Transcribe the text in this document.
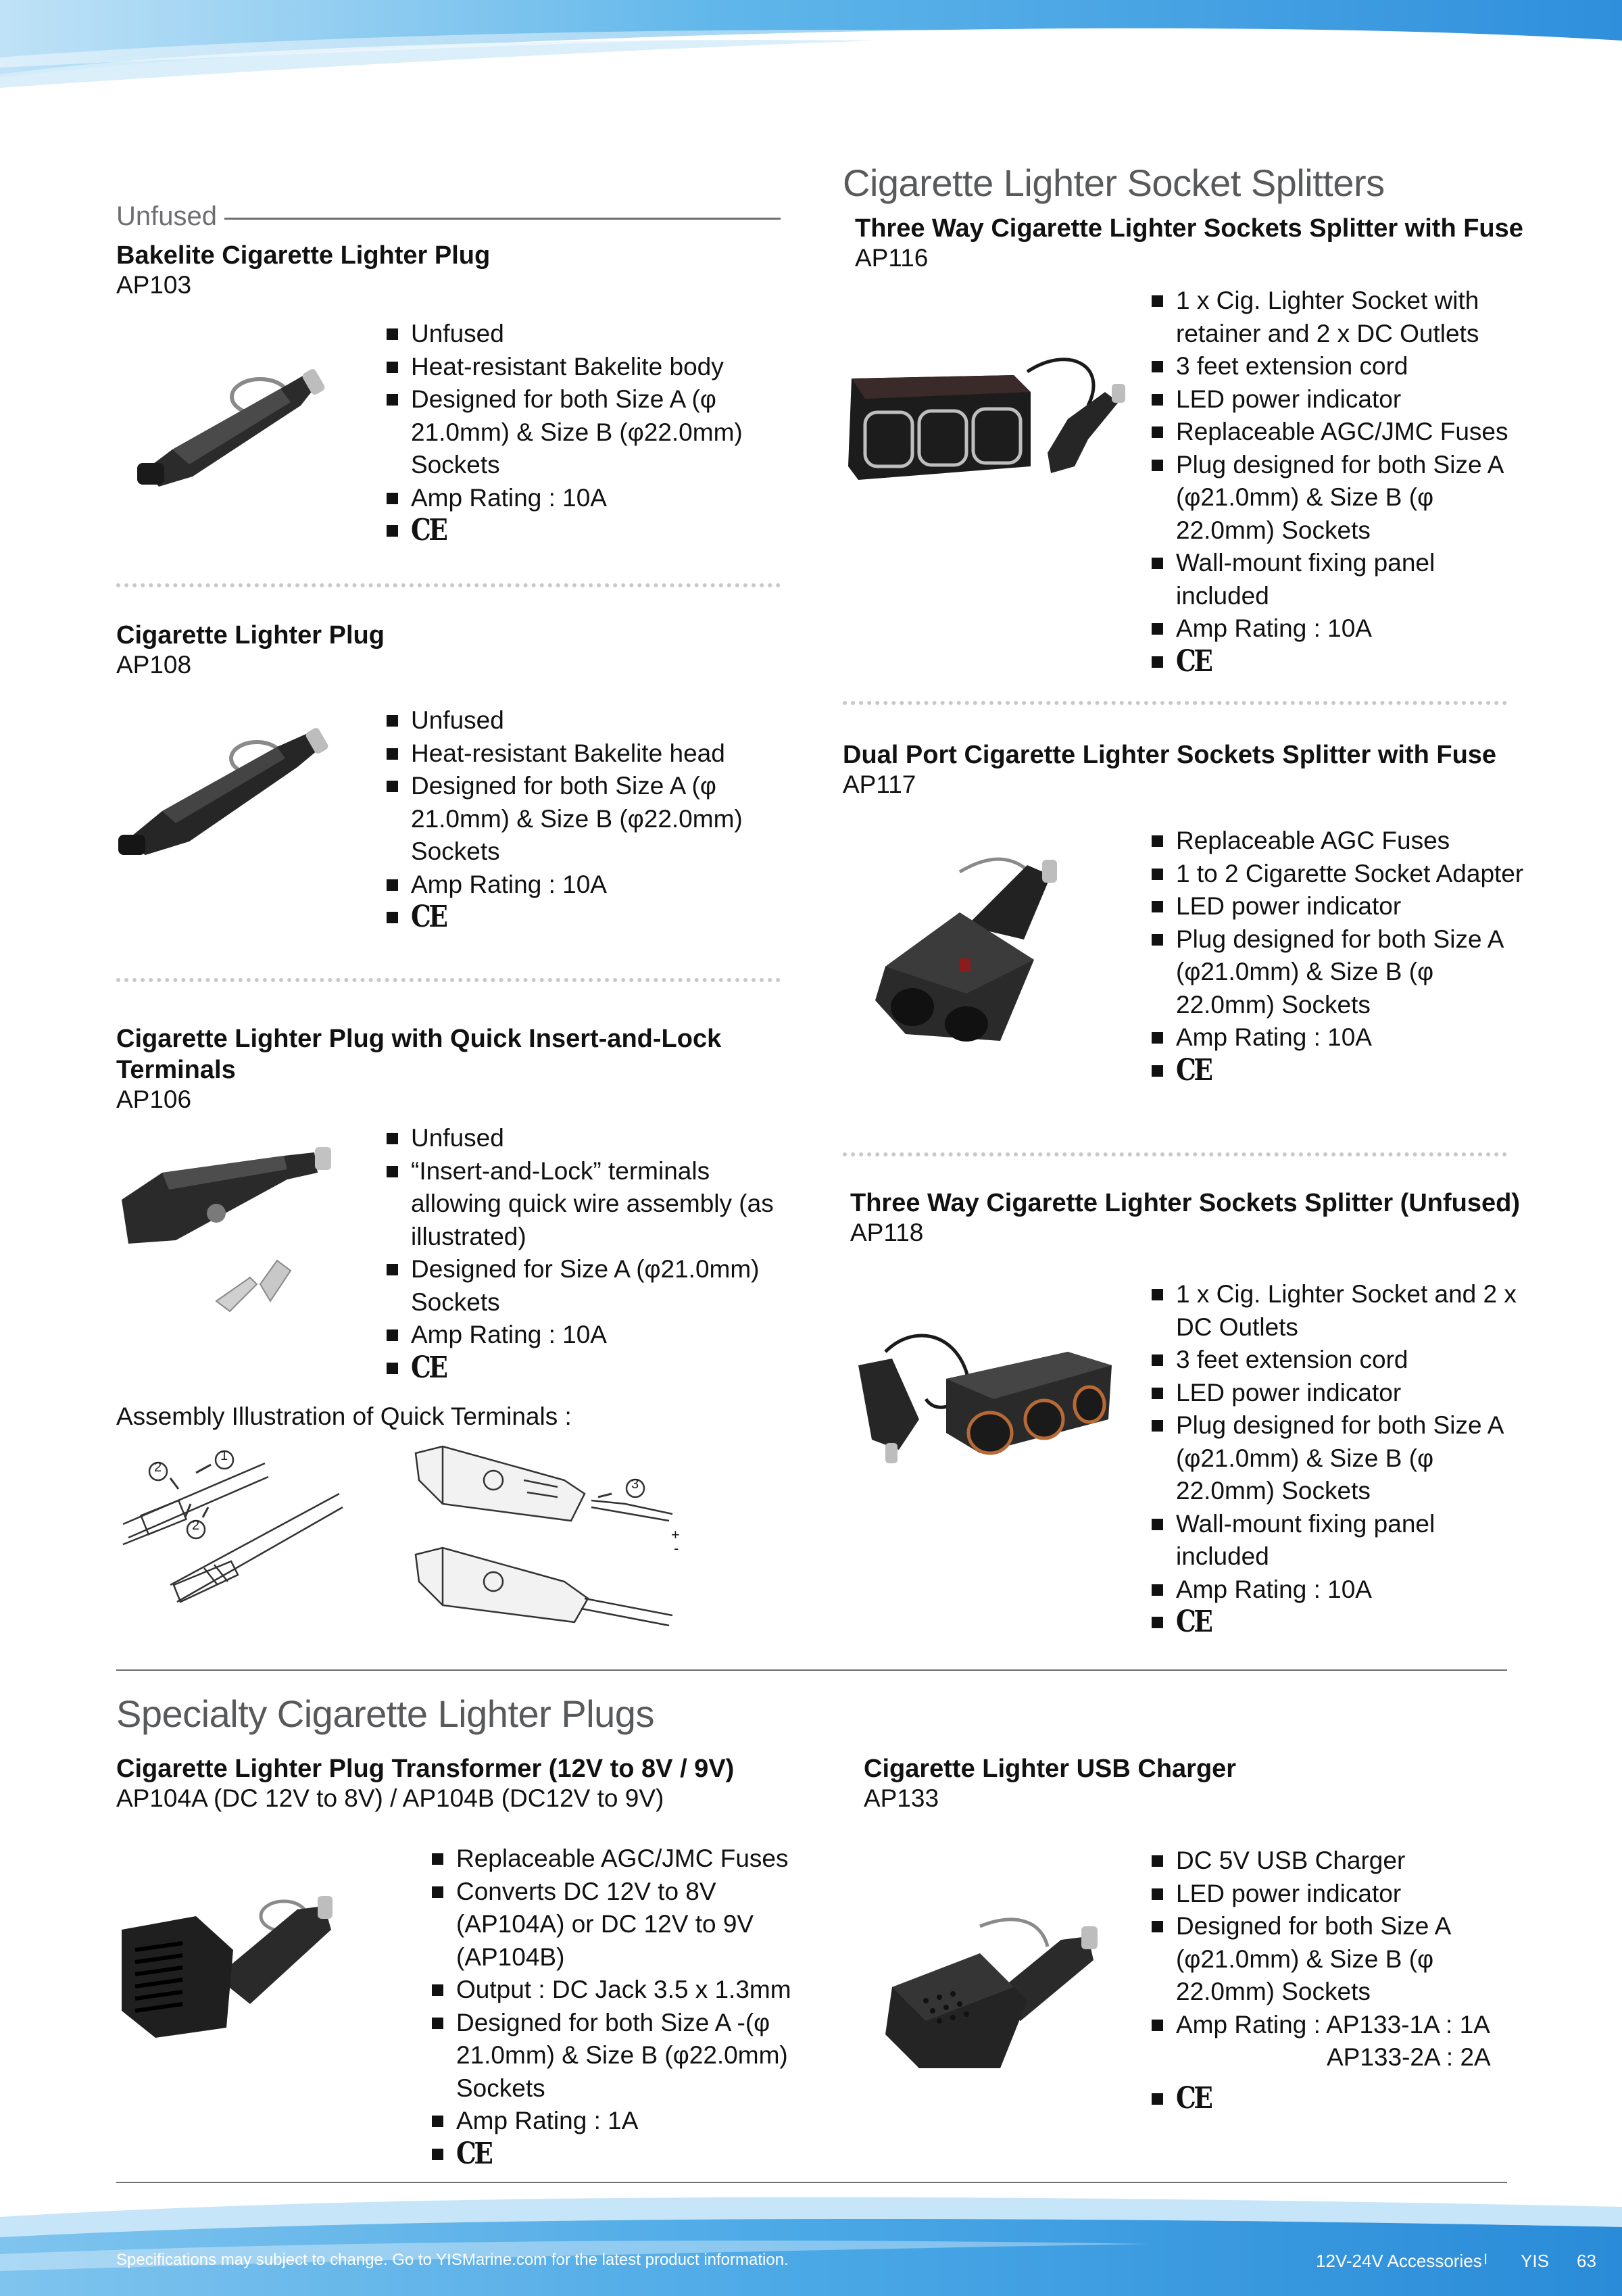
Unfused
Bakelite Cigarette Lighter Plug
AP103
Unfused
Heat-resistant Bakelite body
Designed for both Size A (φ 21.0mm) & Size B (φ22.0mm) Sockets
Amp Rating : 10A
CE
Cigarette Lighter Plug
AP108
Unfused
Heat-resistant Bakelite head
Designed for both Size A (φ 21.0mm) & Size B (φ22.0mm) Sockets
Amp Rating : 10A
CE
Cigarette Lighter Plug with Quick Insert-and-Lock Terminals
AP106
Unfused
“Insert-and-Lock” terminals allowing quick wire assembly (as illustrated)
Designed for Size A (φ21.0mm) Sockets
Amp Rating : 10A
CE
Assembly Illustration of Quick Terminals :
1
2
2
3
+
-
Cigarette Lighter Socket Splitters
Three Way Cigarette Lighter Sockets Splitter with Fuse
AP116
1 x Cig. Lighter Socket with retainer and 2 x DC Outlets
3 feet extension cord
LED power indicator
Replaceable AGC/JMC Fuses
Plug designed for both Size A (φ21.0mm) & Size B (φ 22.0mm) Sockets
Wall-mount fixing panel included
Amp Rating : 10A
CE
Dual Port Cigarette Lighter Sockets Splitter with Fuse
AP117
Replaceable AGC Fuses
1 to 2 Cigarette Socket Adapter
LED power indicator
Plug designed for both Size A (φ21.0mm) & Size B (φ 22.0mm) Sockets
Amp Rating : 10A
CE
Three Way Cigarette Lighter Sockets Splitter (Unfused)
AP118
1 x Cig. Lighter Socket and 2 x DC Outlets
3 feet extension cord
LED power indicator
Plug designed for both Size A (φ21.0mm) & Size B (φ 22.0mm) Sockets
Wall-mount fixing panel included
Amp Rating : 10A
CE
Specialty Cigarette Lighter Plugs
Cigarette Lighter Plug Transformer (12V to 8V / 9V)
AP104A (DC 12V to 8V) / AP104B (DC12V to 9V)
Replaceable AGC/JMC Fuses
Converts DC 12V to 8V (AP104A) or DC 12V to 9V (AP104B)
Output : DC Jack 3.5 x 1.3mm
Designed for both Size A -(φ 21.0mm) & Size B (φ22.0mm) Sockets
Amp Rating : 1A
CE
Cigarette Lighter USB Charger
AP133
DC 5V USB Charger
LED power indicator
Designed for both Size A (φ21.0mm) & Size B (φ 22.0mm) Sockets
Amp Rating : AP133-1A : 1A
AP133-2A : 2A
CE
Specifications may subject to change. Go to YISMarine.com for the latest product information.	12V-24V Accessories I YIS 63
